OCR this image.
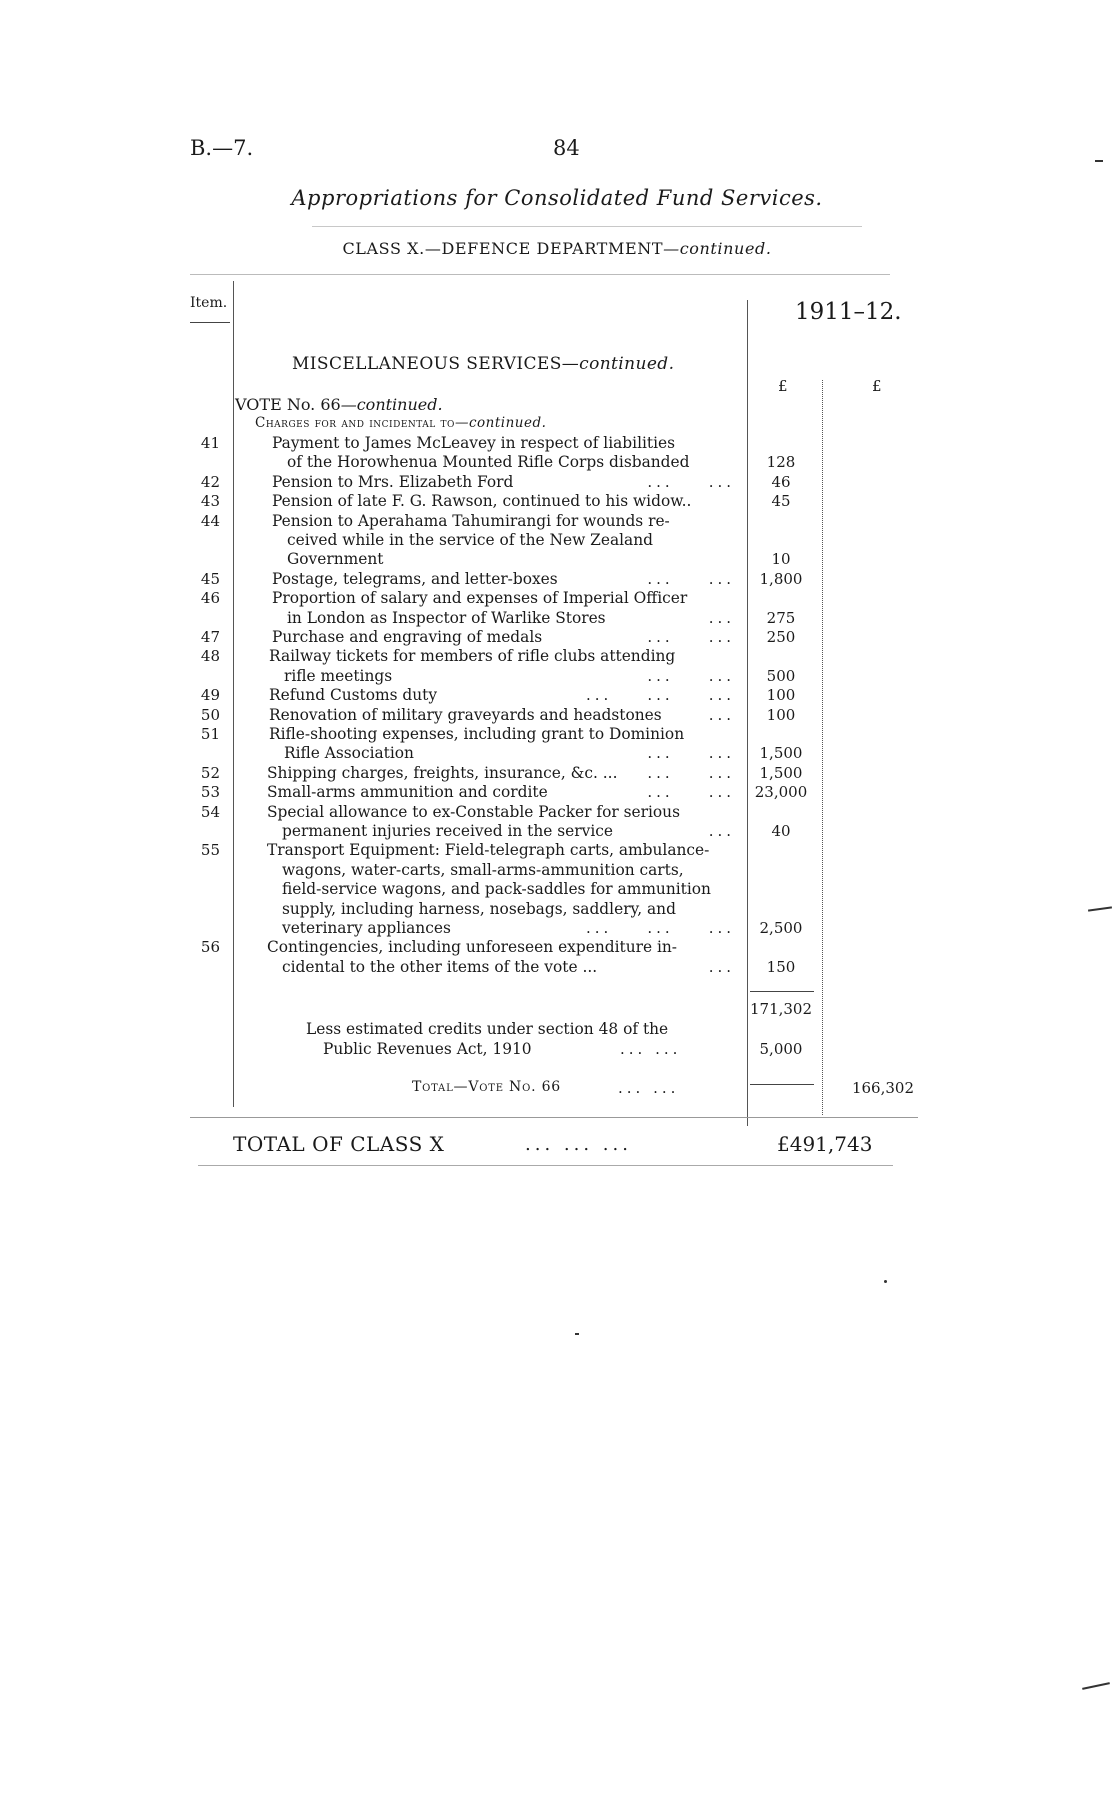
B.—7.	84
Appropriations for Consolidated Fund Services.
CLASS X.—DEFENCE DEPARTMENT—continued.
Item.	1911–12.
£	£
MISCELLANEOUS SERVICES—continued.
VOTE No. 66—continued.
Charges for and incidental to—continued.
41	Payment to James McLeavey in respect of liabilities
of the Horowhenua Mounted Rifle Corps disbanded	128
42	Pension to Mrs. Elizabeth Ford	...    ...	46
43	Pension of late F. G. Rawson, continued to his widow..	45
44	Pension to Aperahama Tahumirangi for wounds re-
ceived while in the service of the New Zealand
Government	10
45	Postage, telegrams, and letter-boxes	...    ...	1,800
46	Proportion of salary and expenses of Imperial Officer
in London as Inspector of Warlike Stores	...	275
47	Purchase and engraving of medals	...    ...	250
48	Railway tickets for members of rifle clubs attending
rifle meetings	...    ...	500
49	Refund Customs duty	...    ...    ...	100
50	Renovation of military graveyards and headstones	...	100
51	Rifle-shooting expenses, including grant to Dominion
Rifle Association	...    ...	1,500
52	Shipping charges, freights, insurance, &c. ... ...    ...	1,500
53	Small-arms ammunition and cordite	...    ...	23,000
54	Special allowance to ex-Constable Packer for serious
permanent injuries received in the service	...	40
55	Transport Equipment: Field-telegraph carts, ambulance-
wagons, water-carts, small-arms-ammunition carts,
field-service wagons, and pack-saddles for ammunition
supply, including harness, nosebags, saddlery, and
veterinary appliances	...    ...    ...	2,500
56	Contingencies, including unforeseen expenditure in-
cidental to the other items of the vote ...	...	150
171,302
Less estimated credits under section 48 of the
Public Revenues Act, 1910	... ...	5,000
Total—Vote No. 66	... ...	166,302
TOTAL OF CLASS X	... ... ...	£491,743
